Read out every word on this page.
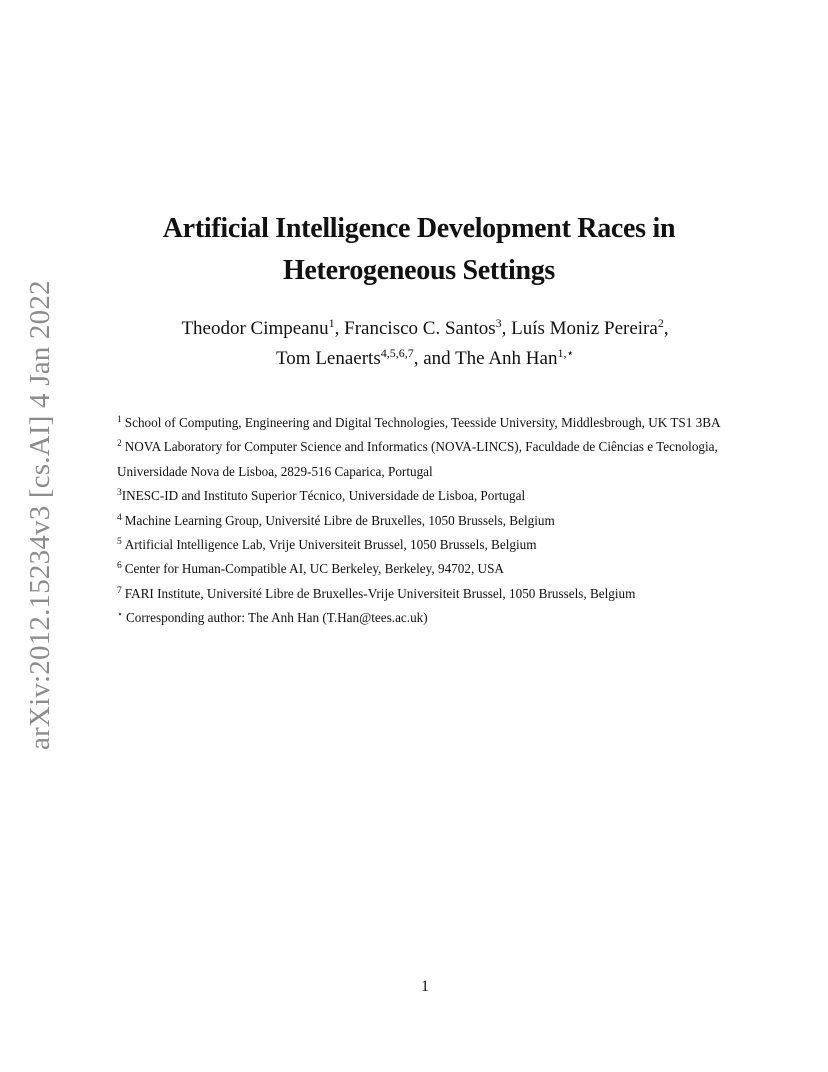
arXiv:2012.15234v3 [cs.AI] 4 Jan 2022
Artificial Intelligence Development Races in
Heterogeneous Settings
Theodor Cimpeanu$^1$, Francisco C. Santos$^3$, Luís Moniz Pereira$^2$,
Tom Lenaerts$^{4,5,6,7}$, and The Anh Han$^{1,⋆}$
$^1$ School of Computing, Engineering and Digital Technologies, Teesside University, Middlesbrough, UK TS1 3BA
$^2$ NOVA Laboratory for Computer Science and Informatics (NOVA-LINCS), Faculdade de Ciências e Tecnologia,
Universidade Nova de Lisboa, 2829-516 Caparica, Portugal
$^3$INESC-ID and Instituto Superior Técnico, Universidade de Lisboa, Portugal
$^4$ Machine Learning Group, Université Libre de Bruxelles, 1050 Brussels, Belgium
$^5$ Artificial Intelligence Lab, Vrije Universiteit Brussel, 1050 Brussels, Belgium
$^6$ Center for Human-Compatible AI, UC Berkeley, Berkeley, 94702, USA
$^7$ FARI Institute, Université Libre de Bruxelles-Vrije Universiteit Brussel, 1050 Brussels, Belgium
⋆ Corresponding author: The Anh Han (T.Han@tees.ac.uk)
1
